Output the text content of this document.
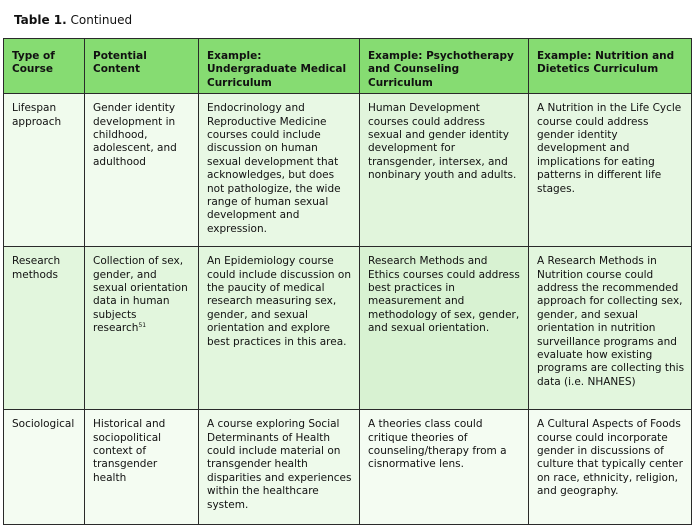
Table 1. Continued
Type of Course	Potential Content	Example: Undergraduate Medical Curriculum	Example: Psychotherapy and Counseling Curriculum	Example: Nutrition and Dietetics Curriculum
Lifespan approach	Gender identity development in childhood, adolescent, and adulthood	Endocrinology and Reproductive Medicine courses could include discussion on human sexual development that acknowledges, but does not pathologize, the wide range of human sexual development and expression.	Human Development courses could address sexual and gender identity development for transgender, intersex, and nonbinary youth and adults.	A Nutrition in the Life Cycle course could address gender identity development and implications for eating patterns in different life stages.
Research methods	Collection of sex, gender, and sexual orientation data in human subjects research$^{51}$	An Epidemiology course could include discussion on the paucity of medical research measuring sex, gender, and sexual orientation and explore best practices in this area.	Research Methods and Ethics courses could address best practices in measurement and methodology of sex, gender, and sexual orientation.	A Research Methods in Nutrition course could address the recommended approach for collecting sex, gender, and sexual orientation in nutrition surveillance programs and evaluate how existing programs are collecting this data (i.e. NHANES)
Sociological	Historical and sociopolitical context of transgender health	A course exploring Social Determinants of Health could include material on transgender health disparities and experiences within the healthcare system.	A theories class could critique theories of counseling/therapy from a cisnormative lens.	A Cultural Aspects of Foods course could incorporate gender in discussions of culture that typically center on race, ethnicity, religion, and geography.
